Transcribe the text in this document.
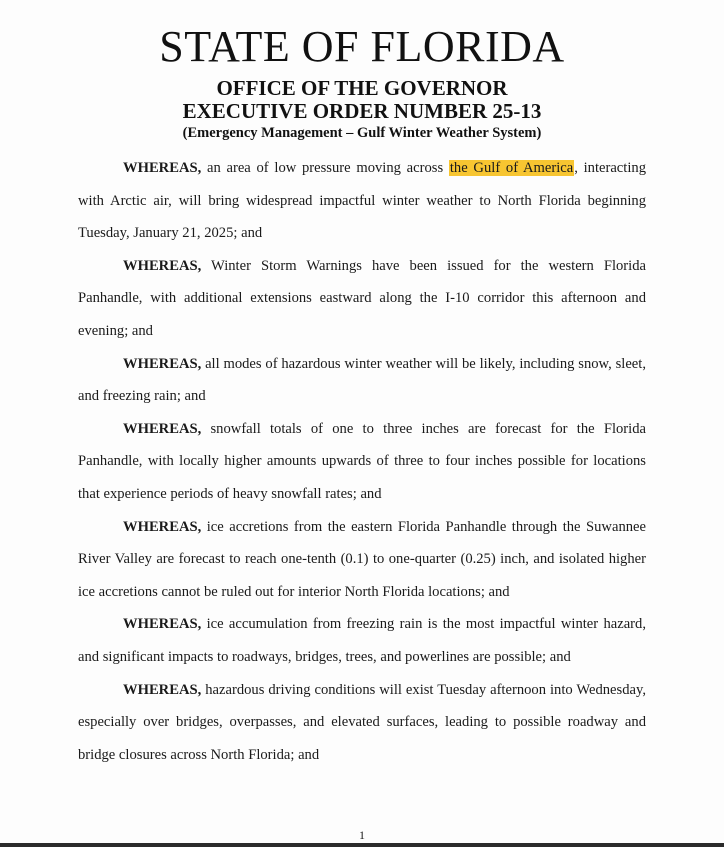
STATE OF FLORIDA
OFFICE OF THE GOVERNOR
EXECUTIVE ORDER NUMBER 25-13
(Emergency Management – Gulf Winter Weather System)

WHEREAS, an area of low pressure moving across the Gulf of America, interacting with Arctic air, will bring widespread impactful winter weather to North Florida beginning Tuesday, January 21, 2025; and

WHEREAS, Winter Storm Warnings have been issued for the western Florida Panhandle, with additional extensions eastward along the I-10 corridor this afternoon and evening; and

WHEREAS, all modes of hazardous winter weather will be likely, including snow, sleet, and freezing rain; and

WHEREAS, snowfall totals of one to three inches are forecast for the Florida Panhandle, with locally higher amounts upwards of three to four inches possible for locations that experience periods of heavy snowfall rates; and

WHEREAS, ice accretions from the eastern Florida Panhandle through the Suwannee River Valley are forecast to reach one-tenth (0.1) to one-quarter (0.25) inch, and isolated higher ice accretions cannot be ruled out for interior North Florida locations; and

WHEREAS, ice accumulation from freezing rain is the most impactful winter hazard, and significant impacts to roadways, bridges, trees, and powerlines are possible; and

WHEREAS, hazardous driving conditions will exist Tuesday afternoon into Wednesday, especially over bridges, overpasses, and elevated surfaces, leading to possible roadway and bridge closures across North Florida; and

1
